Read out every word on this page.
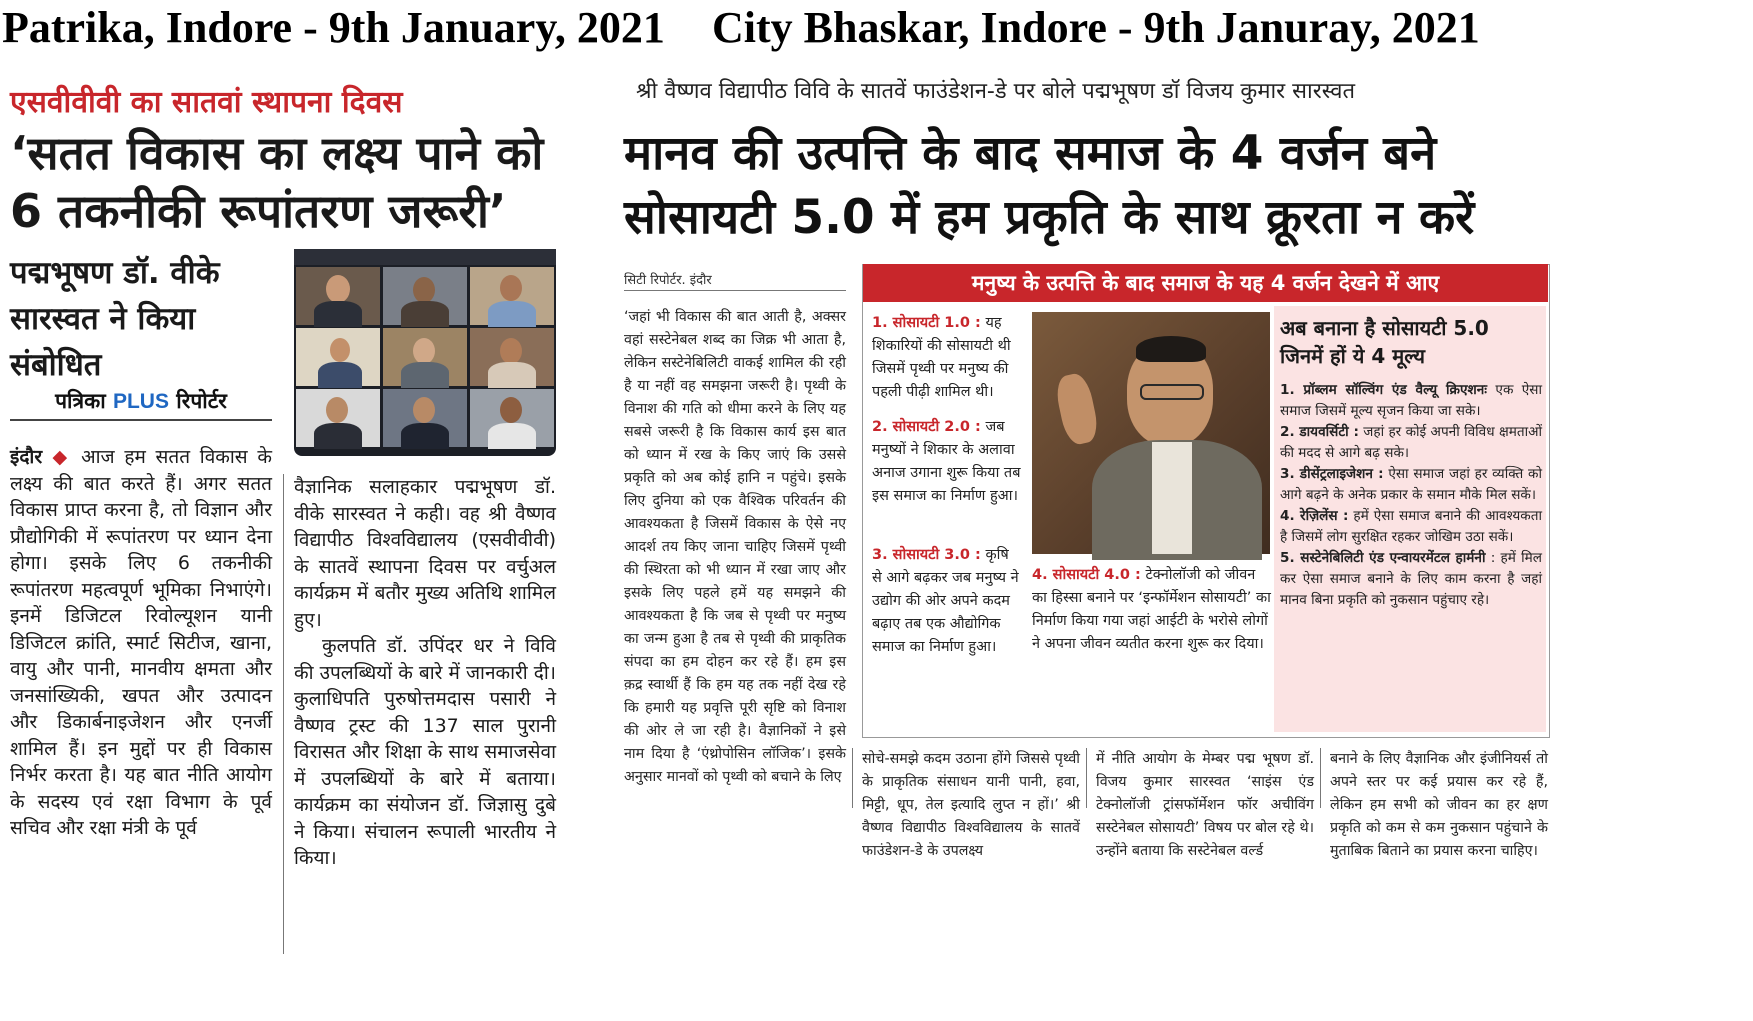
Patrika, Indore - 9th January, 2021 City Bhaskar, Indore - 9th Januray, 2021
एसवीवीवी का सातवां स्थापना दिवस
‘सतत विकास का लक्ष्य पाने को
6 तकनीकी रूपांतरण जरूरी’
पद्मभूषण डॉ. वीके सारस्वत ने किया संबोधित
पत्रिका PLUS रिपोर्टर
इंदौर ◆ आज हम सतत विकास के लक्ष्य की बात करते हैं। अगर सतत विकास प्राप्त करना है, तो विज्ञान और प्रौद्योगिकी में रूपांतरण पर ध्यान देना होगा। इसके लिए 6 तकनीकी रूपांतरण महत्वपूर्ण भूमिका निभाएंगे। इनमें डिजिटल रिवोल्यूशन यानी डिजिटल क्रांति, स्मार्ट सिटीज, खाना, वायु और पानी, मानवीय क्षमता और जनसांख्यिकी, खपत और उत्पादन और डिकार्बनाइजेशन और एनर्जी शामिल हैं। इन मुद्दों पर ही विकास निर्भर करता है। यह बात नीति आयोग के सदस्य एवं रक्षा विभाग के पूर्व सचिव और रक्षा मंत्री के पूर्व
वैज्ञानिक सलाहकार पद्मभूषण डॉ. वीके सारस्वत ने कही। वह श्री वैष्णव विद्यापीठ विश्वविद्यालय (एसवीवीवी) के सातवें स्थापना दिवस पर वर्चुअल कार्यक्रम में बतौर मुख्य अतिथि शामिल हुए।
कुलपति डॉ. उपिंदर धर ने विवि की उपलब्धियों के बारे में जानकारी दी। कुलाधिपति पुरुषोत्तमदास पसारी ने वैष्णव ट्रस्ट की 137 साल पुरानी विरासत और शिक्षा के साथ समाजसेवा में उपलब्धियों के बारे में बताया। कार्यक्रम का संयोजन डॉ. जिज्ञासु दुबे ने किया। संचालन रूपाली भारतीय ने किया।
श्री वैष्णव विद्यापीठ विवि के सातवें फाउंडेशन-डे पर बोले पद्मभूषण डॉ विजय कुमार सारस्वत
मानव की उत्पत्ति के बाद समाज के 4 वर्जन बने
सोसायटी 5.0 में हम प्रकृति के साथ क्रूरता न करें
सिटी रिपोर्टर. इंदौर
‘जहां भी विकास की बात आती है, अक्सर वहां सस्टेनेबल शब्द का जिक्र भी आता है, लेकिन सस्टेनेबिलिटी वाकई शामिल की रही है या नहीं वह समझना जरूरी है। पृथ्वी के विनाश की गति को धीमा करने के लिए यह सबसे जरूरी है कि विकास कार्य इस बात को ध्यान में रख के किए जाएं कि उससे प्रकृति को अब कोई हानि न पहुंचे। इसके लिए दुनिया को एक वैश्विक परिवर्तन की आवश्यकता है जिसमें विकास के ऐसे नए आदर्श तय किए जाना चाहिए जिसमें पृथ्वी की स्थिरता को भी ध्यान में रखा जाए और इसके लिए पहले हमें यह समझने की आवश्यकता है कि जब से पृथ्वी पर मनुष्य का जन्म हुआ है तब से पृथ्वी की प्राकृतिक संपदा का हम दोहन कर रहे हैं। हम इस क़द्र स्वार्थी हैं कि हम यह तक नहीं देख रहे कि हमारी यह प्रवृत्ति पूरी सृष्टि को विनाश की ओर ले जा रही है। वैज्ञानिकों ने इसे नाम दिया है ‘एंथ्रोपोसिन लॉजिक’। इसके अनुसार मानवों को पृथ्वी को बचाने के लिए
मनुष्य के उत्पत्ति के बाद समाज के यह 4 वर्जन देखने में आए
1. सोसायटी 1.0 : यह शिकारियों की सोसायटी थी जिसमें पृथ्वी पर मनुष्य की पहली पीढ़ी शामिल थी।
2. सोसायटी 2.0 : जब मनुष्यों ने शिकार के अलावा अनाज उगाना शुरू किया तब इस समाज का निर्माण हुआ।
3. सोसायटी 3.0 : कृषि से आगे बढ़कर जब मनुष्य ने उद्योग की ओर अपने कदम बढ़ाए तब एक औद्योगिक समाज का निर्माण हुआ।
4. सोसायटी 4.0 : टेक्नोलॉजी को जीवन का हिस्सा बनाने पर ‘इन्फॉर्मेशन सोसायटी’ का निर्माण किया गया जहां आईटी के भरोसे लोगों ने अपना जीवन व्यतीत करना शुरू कर दिया।
अब बनाना है सोसायटी 5.0
जिनमें हों ये 4 मूल्य
1. प्रॉब्लम सॉल्विंग एंड वैल्यू क्रिएशनः एक ऐसा समाज जिसमें मूल्य सृजन किया जा सके।
2. डायवर्सिटी : जहां हर कोई अपनी विविध क्षमताओं की मदद से आगे बढ़ सके।
3. डीसेंट्रलाइजेशन : ऐसा समाज जहां हर व्यक्ति को आगे बढ़ने के अनेक प्रकार के समान मौके मिल सकें।
4. रेज़िलेंस : हमें ऐसा समाज बनाने की आवश्यकता है जिसमें लोग सुरक्षित रहकर जोखिम उठा सकें।
5. सस्टेनेबिलिटी एंड एन्वायरमेंटल हार्मनी : हमें मिल कर ऐसा समाज बनाने के लिए काम करना है जहां मानव बिना प्रकृति को नुकसान पहुंचाए रहे।
सोचे-समझे कदम उठाना होंगे जिससे पृथ्वी के प्राकृतिक संसाधन यानी पानी, हवा, मिट्टी, धूप, तेल इत्यादि लुप्त न हों।’ श्री वैष्णव विद्यापीठ विश्वविद्यालय के सातवें फाउंडेशन-डे के उपलक्ष्य
में नीति आयोग के मेम्बर पद्म भूषण डॉ. विजय कुमार सारस्वत ‘साइंस एंड टेक्नोलॉजी ट्रांसफॉर्मेशन फॉर अचीविंग सस्टेनेबल सोसायटी’ विषय पर बोल रहे थे। उन्होंने बताया कि सस्टेनेबल वर्ल्ड
बनाने के लिए वैज्ञानिक और इंजीनियर्स तो अपने स्तर पर कई प्रयास कर रहे हैं, लेकिन हम सभी को जीवन का हर क्षण प्रकृति को कम से कम नुकसान पहुंचाने के मुताबिक बिताने का प्रयास करना चाहिए।
